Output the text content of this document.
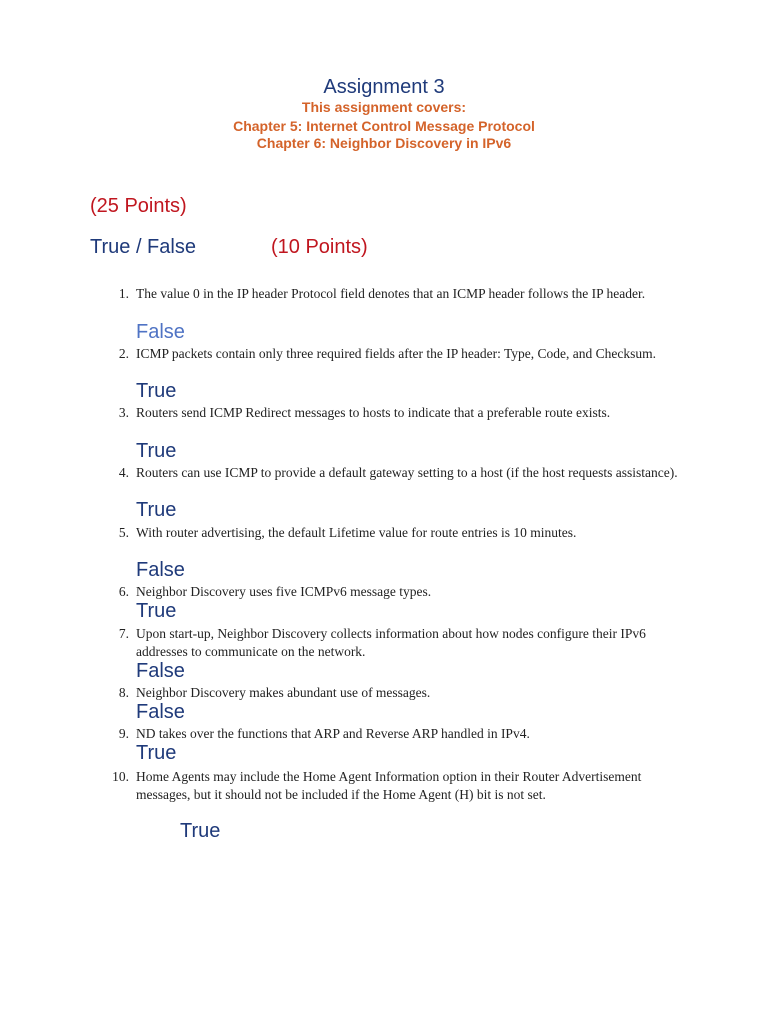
Assignment 3
This assignment covers:
Chapter 5: Internet Control Message Protocol
Chapter 6: Neighbor Discovery in IPv6
(25 Points)
True / False	(10 Points)
1. The value 0 in the IP header Protocol field denotes that an ICMP header follows the IP header.
False
2. ICMP packets contain only three required fields after the IP header: Type, Code, and Checksum.
True
3. Routers send ICMP Redirect messages to hosts to indicate that a preferable route exists.
True
4. Routers can use ICMP to provide a default gateway setting to a host (if the host requests assistance).
True
5. With router advertising, the default Lifetime value for route entries is 10 minutes.
False
6. Neighbor Discovery uses five ICMPv6 message types.
True
7. Upon start-up, Neighbor Discovery collects information about how nodes configure their IPv6 addresses to communicate on the network.
False
8. Neighbor Discovery makes abundant use of messages.
False
9. ND takes over the functions that ARP and Reverse ARP handled in IPv4.
True
10. Home Agents may include the Home Agent Information option in their Router Advertisement messages, but it should not be included if the Home Agent (H) bit is not set.
True
